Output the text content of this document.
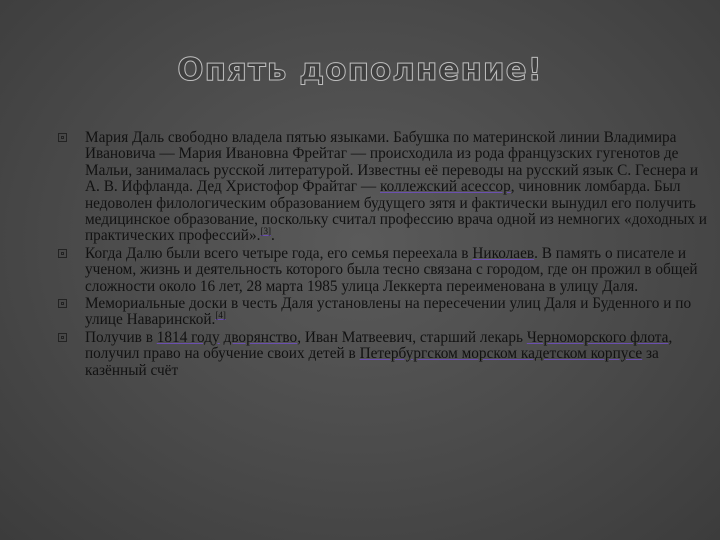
Опять дополнение!
Мария Даль свободно владела пятью языками. Бабушка по материнской линии Владимира Ивановича — Мария Ивановна Фрейтаг — происходила из рода французских гугенотов де Мальи, занималась русской литературой. Известны её переводы на русский язык С. Геснера и А. В. Иффланда. Дед Христофор Фрайтаг — коллежский асессор, чиновник ломбарда. Был недоволен филологическим образованием будущего зятя и фактически вынудил его получить медицинское образование, поскольку считал профессию врача одной из немногих «доходных и практических профессий».[3].
Когда Далю были всего четыре года, его семья переехала в Николаев. В память о писателе и ученом, жизнь и деятельность которого была тесно связана с городом, где он прожил в общей сложности около 16 лет, 28 марта 1985 улица Леккерта переименована в улицу Даля.
Мемориальные доски в честь Даля установлены на пересечении улиц Даля и Буденного и по улице Наваринской.[4]
Получив в 1814 году дворянство, Иван Матвеевич, старший лекарь Черноморского флота, получил право на обучение своих детей в Петербургском морском кадетском корпусе за казённый счёт
